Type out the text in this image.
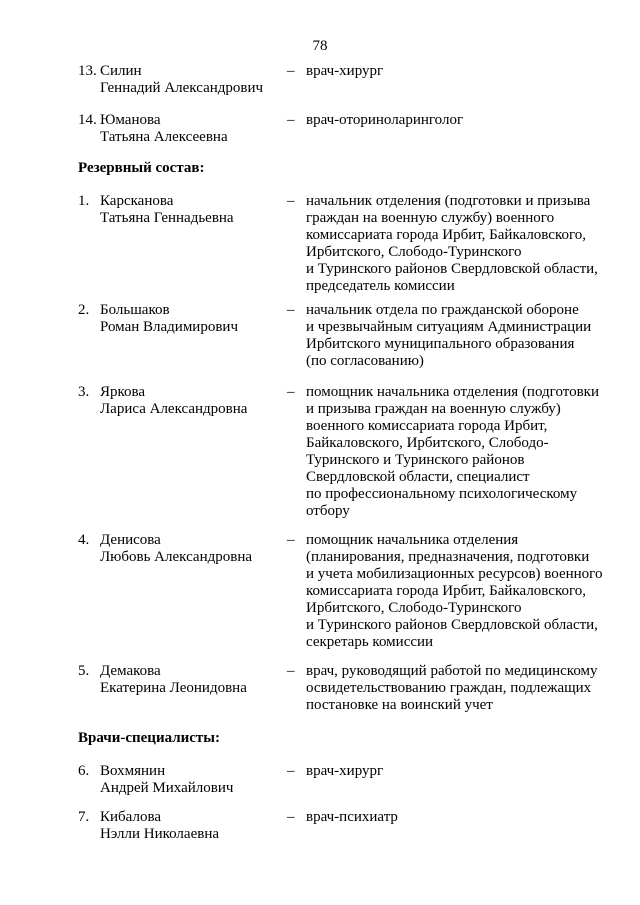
78
13. Силин
Геннадий Александрович
– врач-хирург
14. Юманова
Татьяна Алексеевна
– врач-оториноларинголог
Резервный состав:
1. Карсканова
Татьяна Геннадьевна
– начальник отделения (подготовки и призыва
граждан на военную службу) военного
комиссариата города Ирбит, Байкаловского,
Ирбитского, Слободо-Туринского
и Туринского районов Свердловской области,
председатель комиссии
2. Большаков
Роман Владимирович
– начальник отдела по гражданской обороне
и чрезвычайным ситуациям Администрации
Ирбитского муниципального образования
(по согласованию)
3. Яркова
Лариса Александровна
– помощник начальника отделения (подготовки
и призыва граждан на военную службу)
военного комиссариата города Ирбит,
Байкаловского, Ирбитского, Слободо-
Туринского и Туринского районов
Свердловской области, специалист
по профессиональному психологическому
отбору
4. Денисова
Любовь Александровна
– помощник начальника отделения
(планирования, предназначения, подготовки
и учета мобилизационных ресурсов) военного
комиссариата города Ирбит, Байкаловского,
Ирбитского, Слободо-Туринского
и Туринского районов Свердловской области,
секретарь комиссии
5. Демакова
Екатерина Леонидовна
– врач, руководящий работой по медицинскому
освидетельствованию граждан, подлежащих
постановке на воинский учет
Врачи-специалисты:
6. Вохмянин
Андрей Михайлович
– врач-хирург
7. Кибалова
Нэлли Николаевна
– врач-психиатр
